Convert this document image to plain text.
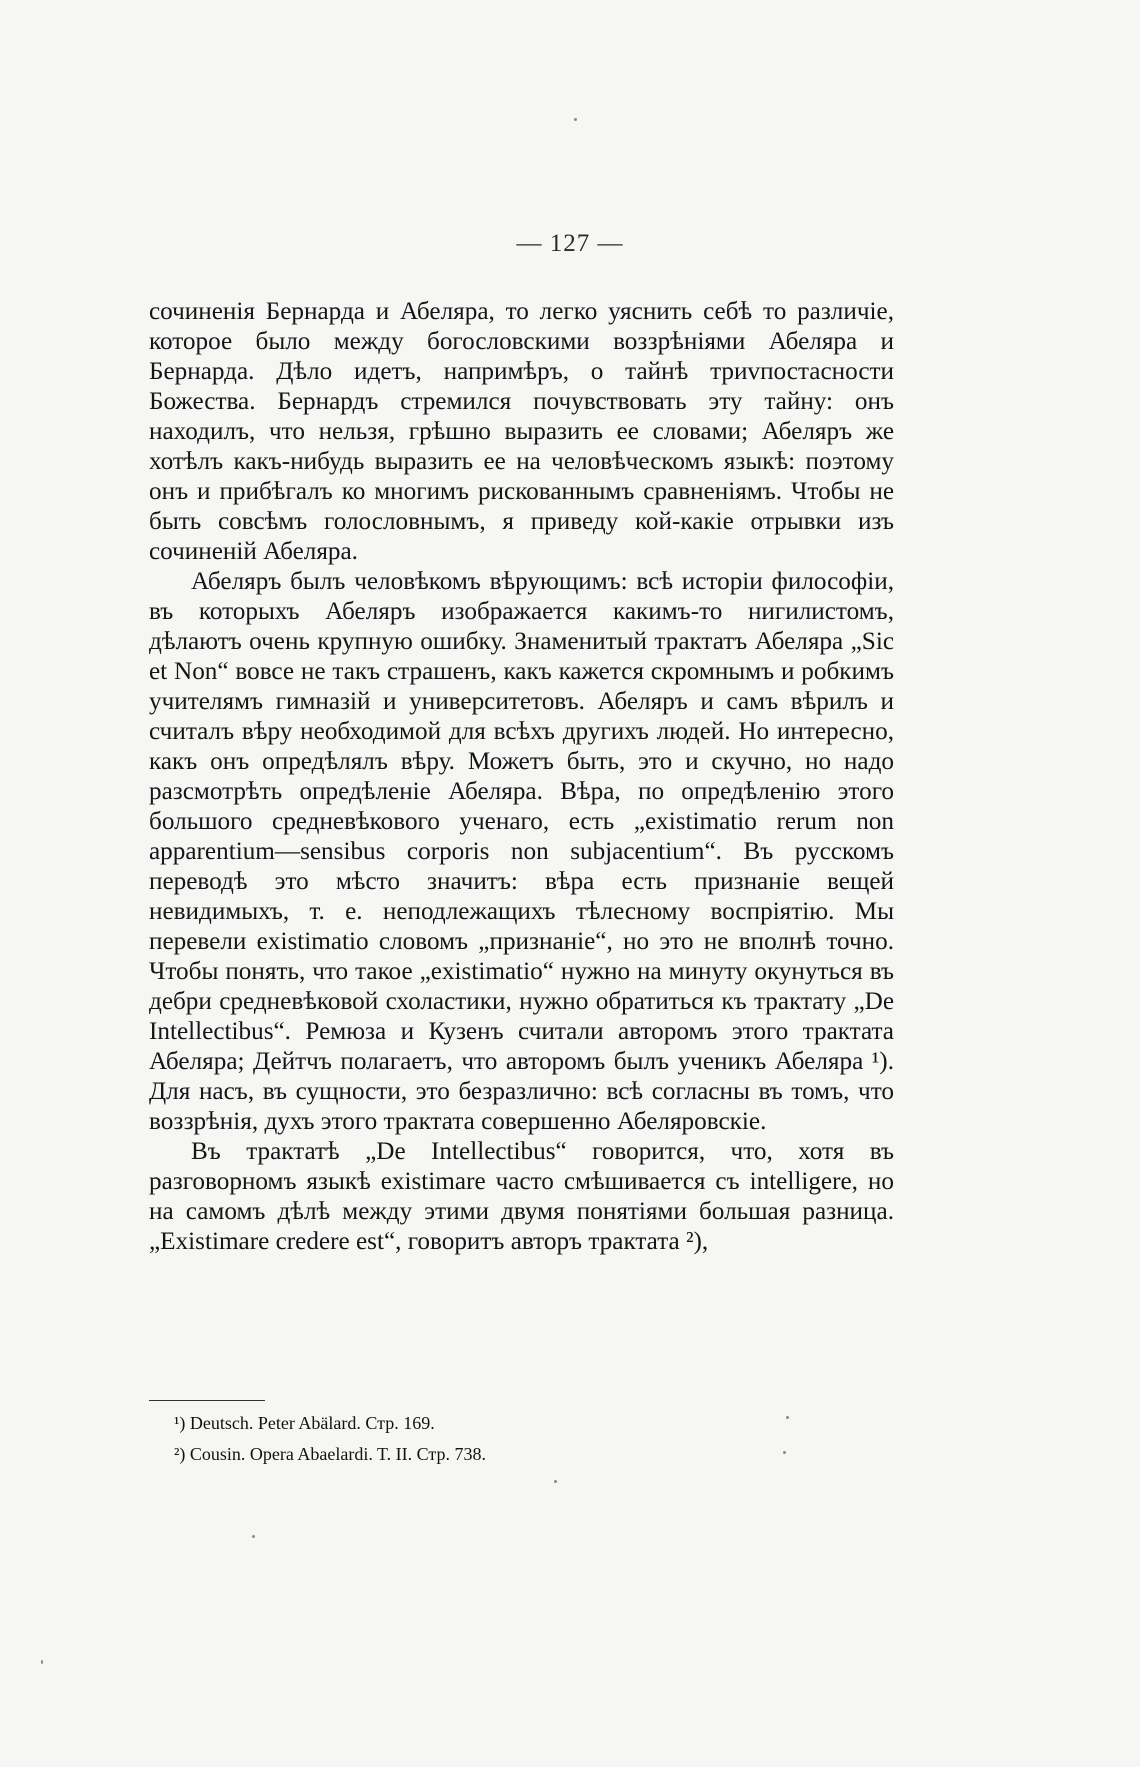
— 127 —

сочиненія Бернарда и Абеляра, то легко уяснить себѣ то различіе, которое было между богословскими воззрѣніями Абеляра и Бернарда. Дѣло идетъ, напримѣръ, о тайнѣ триvпостасности Божества. Бернардъ стремился почувствовать эту тайну: онъ находилъ, что нельзя, грѣшно выразить ее словами; Абеляръ же хотѣлъ какъ-нибудь выразить ее на человѣческомъ языкѣ: поэтому онъ и прибѣгалъ ко многимъ рискованнымъ сравненіямъ. Чтобы не быть совсѣмъ голословнымъ, я приведу кой-какіе отрывки изъ сочиненій Абеляра.

Абеляръ былъ человѣкомъ вѣрующимъ: всѣ исторіи философіи, въ которыхъ Абеляръ изображается какимъ-то нигилистомъ, дѣлаютъ очень крупную ошибку. Знаменитый трактатъ Абеляра „Sic et Non“ вовсе не такъ страшенъ, какъ кажется скромнымъ и робкимъ учителямъ гимназій и университетовъ. Абеляръ и самъ вѣрилъ и считалъ вѣру необходимой для всѣхъ другихъ людей. Но интересно, какъ онъ опредѣлялъ вѣру. Можетъ быть, это и скучно, но надо разсмотрѣть опредѣленіе Абеляра. Вѣра, по опредѣленію этого большого средневѣкового ученаго, есть „existimatio rerum non apparentium—sensibus corporis non subjacentium“. Въ русскомъ переводѣ это мѣсто значитъ: вѣра есть признаніе вещей невидимыхъ, т. е. неподлежащихъ тѣлесному воспріятію. Мы перевели existimatio словомъ „признаніе“, но это не вполнѣ точно. Чтобы понять, что такое „existimatio“ нужно на минуту окунуться въ дебри средневѣковой схоластики, нужно обратиться къ трактату „De Intellectibus“. Ремюза и Кузенъ считали авторомъ этого трактата Абеляра; Дейтчъ полагаетъ, что авторомъ былъ ученикъ Абеляра ¹). Для насъ, въ сущности, это безразлично: всѣ согласны въ томъ, что воззрѣнія, духъ этого трактата совершенно Абеляровскіе.

Въ трактатѣ „De Intellectibus“ говорится, что, хотя въ разговорномъ языкѣ existimare часто смѣшивается съ intelligere, но на самомъ дѣлѣ между этими двумя понятіями большая разница. „Existimare credere est“, говоритъ авторъ трактата ²),

¹) Deutsch. Peter Abälard. Стр. 169.

²) Cousin. Opera Abaelardi. T. II. Стр. 738.
